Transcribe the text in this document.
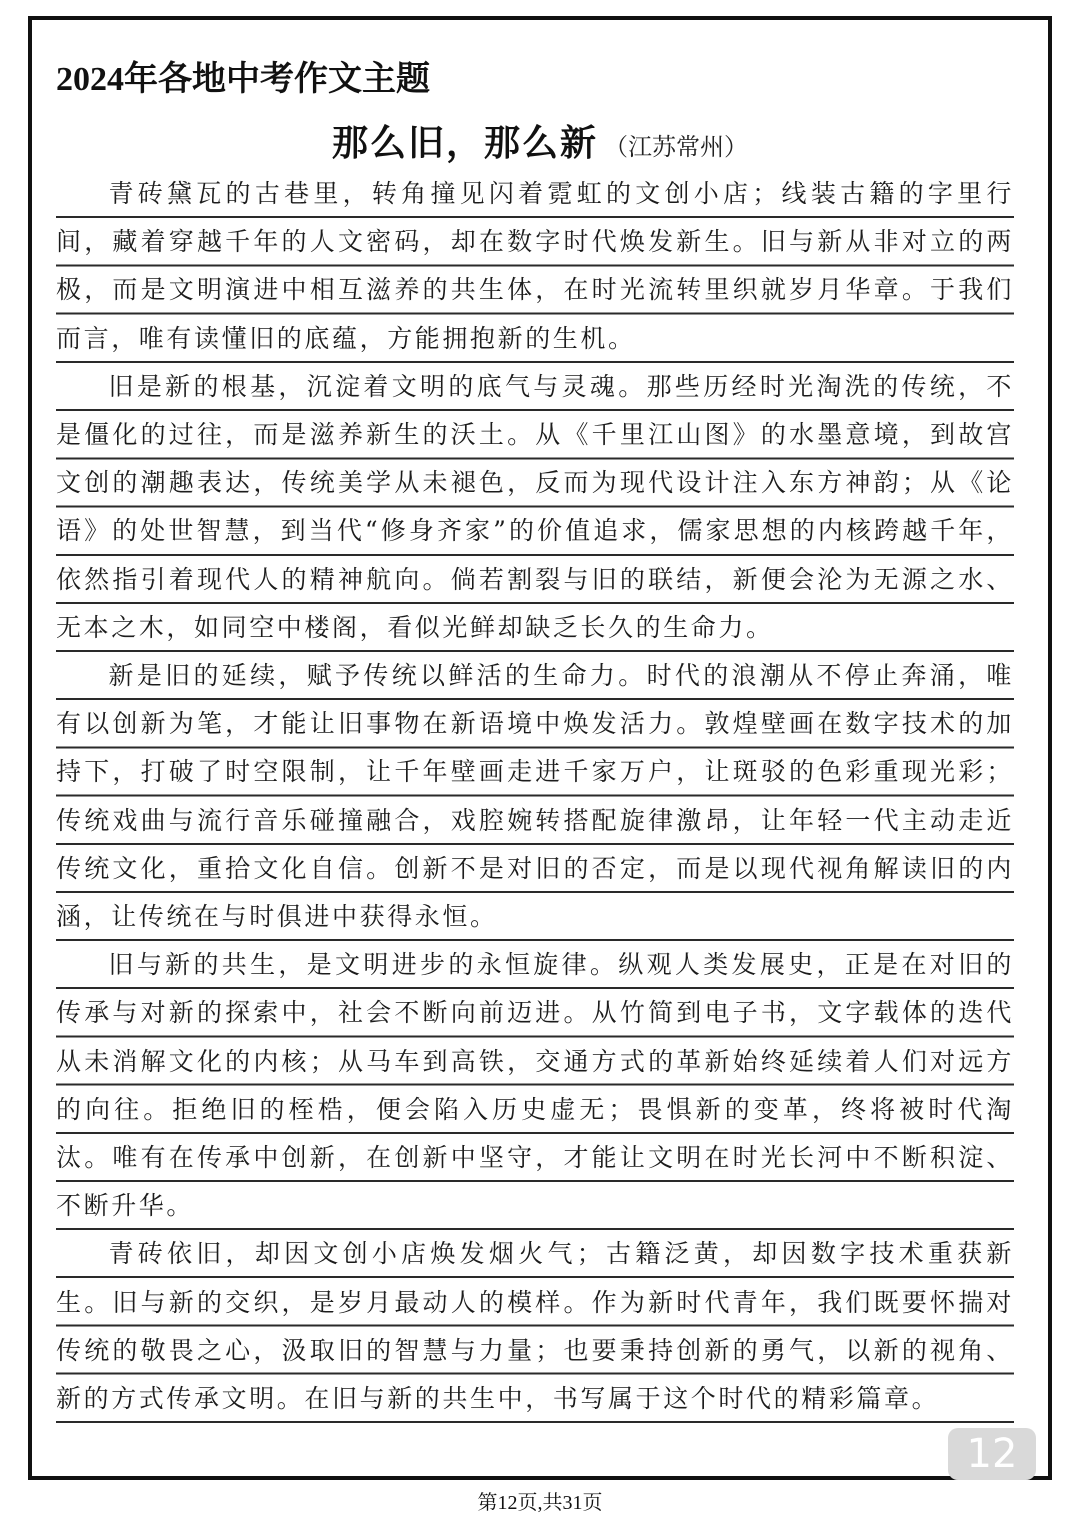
2024年各地中考作文主题
那么旧，那么新 （江苏常州）

青砖黛瓦的古巷里，转角撞见闪着霓虹的文创小店；线装古籍的字里行间，藏着穿越千年的人文密码，却在数字时代焕发新生。旧与新从非对立的两极，而是文明演进中相互滋养的共生体，在时光流转里织就岁月华章。于我们而言，唯有读懂旧的底蕴，方能拥抱新的生机。

旧是新的根基，沉淀着文明的底气与灵魂。那些历经时光淘洗的传统，不是僵化的过往，而是滋养新生的沃土。从《千里江山图》的水墨意境，到故宫文创的潮趣表达，传统美学从未褪色，反而为现代设计注入东方神韵；从《论语》的处世智慧，到当代“修身齐家”的价值追求，儒家思想的内核跨越千年，依然指引着现代人的精神航向。倘若割裂与旧的联结，新便会沦为无源之水、无本之木，如同空中楼阁，看似光鲜却缺乏长久的生命力。

新是旧的延续，赋予传统以鲜活的生命力。时代的浪潮从不停止奔涌，唯有以创新为笔，才能让旧事物在新语境中焕发活力。敦煌壁画在数字技术的加持下，打破了时空限制，让千年壁画走进千家万户，让斑驳的色彩重现光彩；传统戏曲与流行音乐碰撞融合，戏腔婉转搭配旋律激昂，让年轻一代主动走近传统文化，重拾文化自信。创新不是对旧的否定，而是以现代视角解读旧的内涵，让传统在与时俱进中获得永恒。

旧与新的共生，是文明进步的永恒旋律。纵观人类发展史，正是在对旧的传承与对新的探索中，社会不断向前迈进。从竹简到电子书，文字载体的迭代从未消解文化的内核；从马车到高铁，交通方式的革新始终延续着人们对远方的向往。拒绝旧的桎梏，便会陷入历史虚无；畏惧新的变革，终将被时代淘汰。唯有在传承中创新，在创新中坚守，才能让文明在时光长河中不断积淀、不断升华。

青砖依旧，却因文创小店焕发烟火气；古籍泛黄，却因数字技术重获新生。旧与新的交织，是岁月最动人的模样。作为新时代青年，我们既要怀揣对传统的敬畏之心，汲取旧的智慧与力量；也要秉持创新的勇气，以新的视角、新的方式传承文明。在旧与新的共生中，书写属于这个时代的精彩篇章。

12
第12页,共31页
